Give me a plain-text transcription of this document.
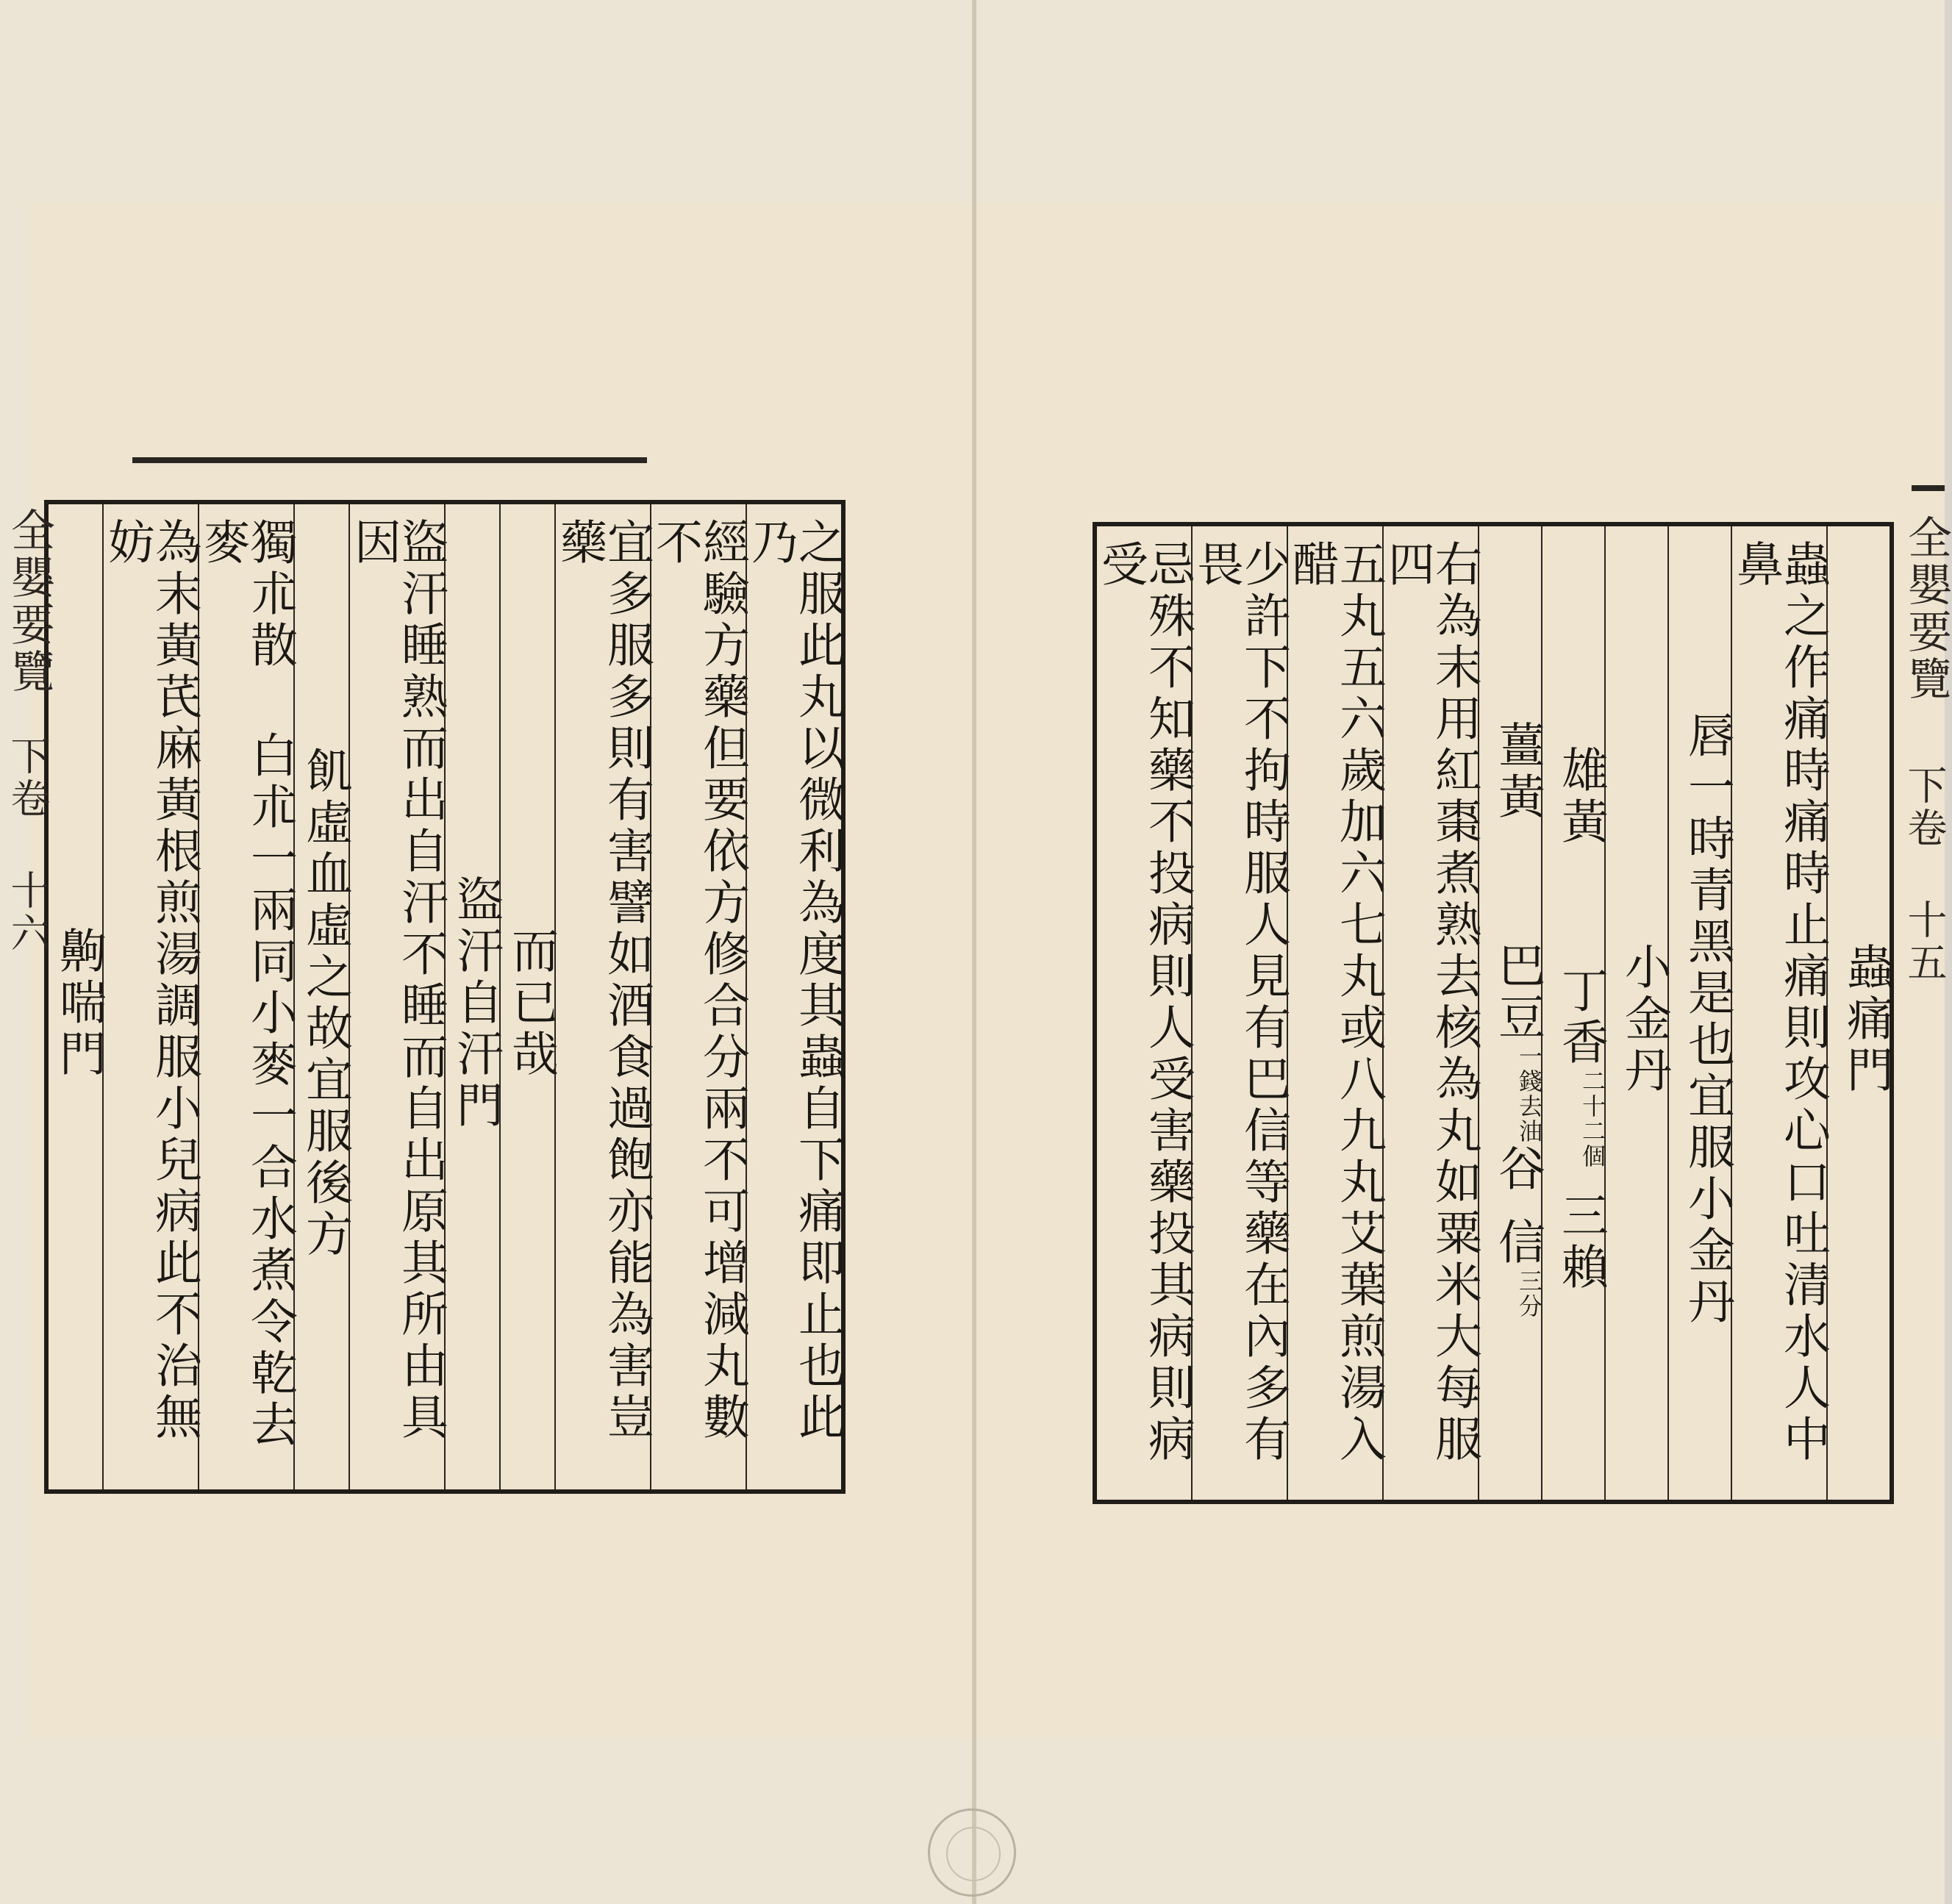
之服此丸以微利為度其蟲自下痛即止也此乃
經驗方藥但要依方修合分兩不可增減丸數不
宜多服多則有害譬如酒食過飽亦能為害豈藥
而已哉
盜汗自汗門
盜汗睡熟而出自汗不睡而自出原其所由具因
飢虛血虛之故宜服後方
獨朮散 白朮一兩同小麥一合水煮令乾去麥
為末黃芪麻黃根煎湯調服小兒病此不治無妨
齁喘門
全嬰要覽
下卷 十六
蟲痛門
蟲之作痛時痛時止痛則攻心口吐清水人中鼻
唇一時青黑是也宜服小金丹
小金丹
雄黃
丁香
二十二個
三賴
薑黃
巴豆
一錢去油
谷
信
三分
右為末用紅棗煮熟去核為丸如粟米大每服四
五丸五六歲加六七丸或八九丸艾葉煎湯入醋
少許下不拘時服人見有巴信等藥在內多有畏
忌殊不知藥不投病則人受害藥投其病則病受	全嬰要覽
下卷 十五
